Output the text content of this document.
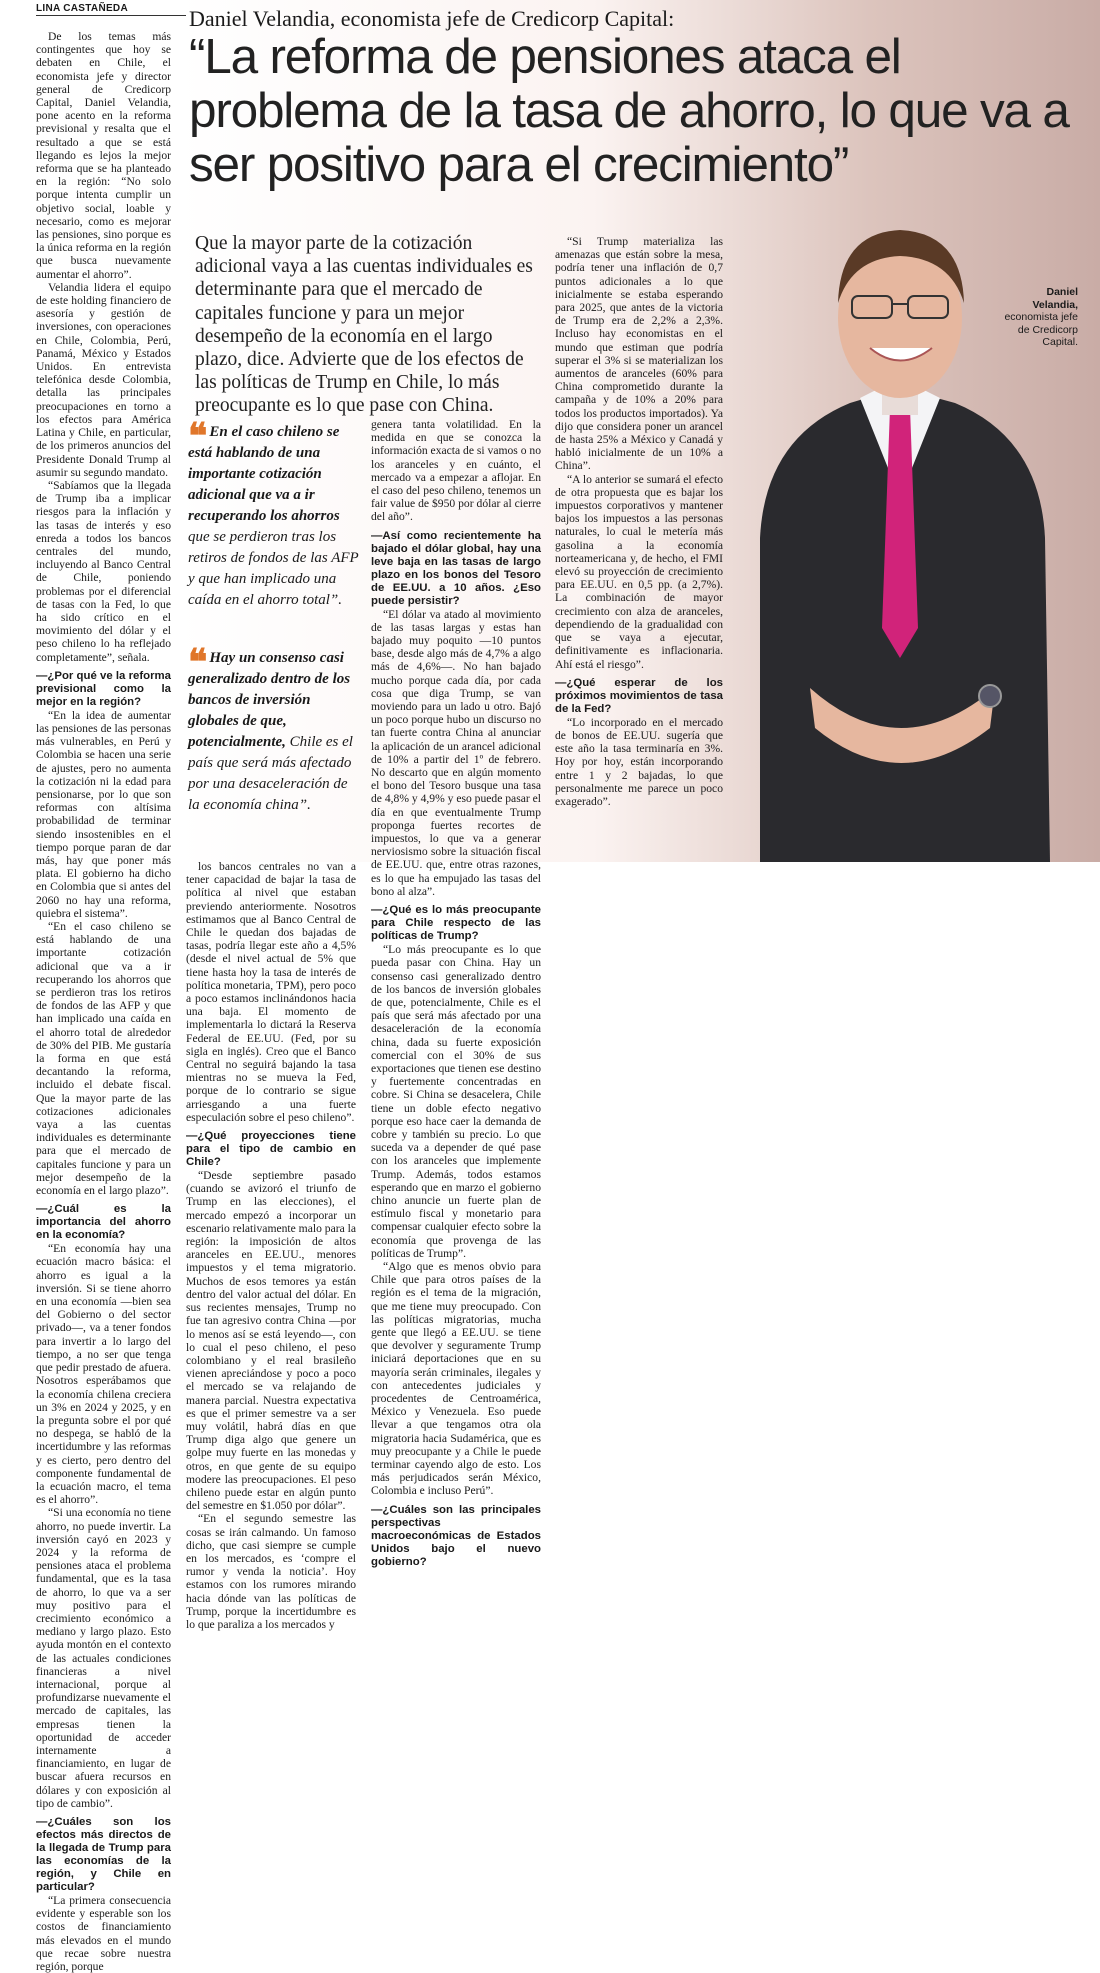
LINA CASTAÑEDA	Daniel Velandia, economista jefe de Credicorp Capital:
“La reforma de pensiones ataca el problema de la tasa de ahorro, lo que va a ser positivo para el crecimiento”
Que la mayor parte de la cotización adicional vaya a las cuentas individuales es determinante para que el mercado de capitales funcione y para un mejor desempeño de la economía en el largo plazo, dice. Advierte que de los efectos de las políticas de Trump en Chile, lo más preocupante es lo que pase con China.
Daniel Velandia,
economista jefe de Credicorp Capital.
❝ En el caso chileno se está hablando de una importante cotización adicional que va a ir recuperando los ahorros que se perdieron tras los retiros de fondos de las AFP y que han implicado una caída en el ahorro total”.
❝ Hay un consenso casi generalizado dentro de los bancos de inversión globales de que, potencialmente, Chile es el país que será más afectado por una desaceleración de la economía china”.

De los temas más contingentes que hoy se debaten en Chile, el economista jefe y director general de Credicorp Capital, Daniel Velandia, pone acento en la reforma previsional y resalta que el resultado a que se está llegando es lejos la mejor reforma que se ha planteado en la región: “No solo porque intenta cumplir un objetivo social, loable y necesario, como es mejorar las pensiones, sino porque es la única reforma en la región que busca nuevamente aumentar el ahorro”.

Velandia lidera el equipo de este holding financiero de asesoría y gestión de inversiones, con operaciones en Chile, Colombia, Perú, Panamá, México y Estados Unidos. En entrevista telefónica desde Colombia, detalla las principales preocupaciones en torno a los efectos para América Latina y Chile, en particular, de los primeros anuncios del Presidente Donald Trump al asumir su segundo mandato.

“Sabíamos que la llegada de Trump iba a implicar riesgos para la inflación y las tasas de interés y eso enreda a todos los bancos centrales del mundo, incluyendo al Banco Central de Chile, poniendo problemas por el diferencial de tasas con la Fed, lo que ha sido crítico en el movimiento del dólar y el peso chileno lo ha reflejado completamente”, señala.

—¿Por qué ve la reforma previsional como la mejor en la región?

“En la idea de aumentar las pensiones de las personas más vulnerables, en Perú y Colombia se hacen una serie de ajustes, pero no aumenta la cotización ni la edad para pensionarse, por lo que son reformas con altísima probabilidad de terminar siendo insostenibles en el tiempo porque paran de dar más, hay que poner más plata. El gobierno ha dicho en Colombia que si antes del 2060 no hay una reforma, quiebra el sistema”.

“En el caso chileno se está hablando de una importante cotización adicional que va a ir recuperando los ahorros que se perdieron tras los retiros de fondos de las AFP y que han implicado una caída en el ahorro total de alrededor de 30% del PIB. Me gustaría la forma en que está decantando la reforma, incluido el debate fiscal. Que la mayor parte de las cotizaciones adicionales vaya a las cuentas individuales es determinante para que el mercado de capitales funcione y para un mejor desempeño de la economía en el largo plazo”.

—¿Cuál es la importancia del ahorro en la economía?

“En economía hay una ecuación macro básica: el ahorro es igual a la inversión. Si se tiene ahorro en una economía —bien sea del Gobierno o del sector privado—, va a tener fondos para invertir a lo largo del tiempo, a no ser que tenga que pedir prestado de afuera. Nosotros esperábamos que la economía chilena creciera un 3% en 2024 y 2025, y en la pregunta sobre el por qué no despega, se habló de la incertidumbre y las reformas y es cierto, pero dentro del componente fundamental de la ecuación macro, el tema es el ahorro”.

“Si una economía no tiene ahorro, no puede invertir. La inversión cayó en 2023 y 2024 y la reforma de pensiones ataca el problema fundamental, que es la tasa de ahorro, lo que va a ser muy positivo para el crecimiento económico a mediano y largo plazo. Esto ayuda montón en el contexto de las actuales condiciones financieras a nivel internacional, porque al profundizarse nuevamente el mercado de capitales, las empresas tienen la oportunidad de acceder internamente a financiamiento, en lugar de buscar afuera recursos en dólares y con exposición al tipo de cambio”.

—¿Cuáles son los efectos más directos de la llegada de Trump para las economías de la región, y Chile en particular?

“La primera consecuencia evidente y esperable son los costos de financiamiento más elevados en el mundo que recae sobre nuestra región, porque

los bancos centrales no van a tener capacidad de bajar la tasa de política al nivel que estaban previendo anteriormente. Nosotros estimamos que al Banco Central de Chile le quedan dos bajadas de tasas, podría llegar este año a 4,5% (desde el nivel actual de 5% que tiene hasta hoy la tasa de interés de política monetaria, TPM), pero poco a poco estamos inclinándonos hacia una baja. El momento de implementarla lo dictará la Reserva Federal de EE.UU. (Fed, por su sigla en inglés). Creo que el Banco Central no seguirá bajando la tasa mientras no se mueva la Fed, porque de lo contrario se sigue arriesgando a una fuerte especulación sobre el peso chileno”.

—¿Qué proyecciones tiene para el tipo de cambio en Chile?

“Desde septiembre pasado (cuando se avizoró el triunfo de Trump en las elecciones), el mercado empezó a incorporar un escenario relativamente malo para la región: la imposición de altos aranceles en EE.UU., menores impuestos y el tema migratorio. Muchos de esos temores ya están dentro del valor actual del dólar. En sus recientes mensajes, Trump no fue tan agresivo contra China —por lo menos así se está leyendo—, con lo cual el peso chileno, el peso colombiano y el real brasileño vienen apreciándose y poco a poco el mercado se va relajando de manera parcial. Nuestra expectativa es que el primer semestre va a ser muy volátil, habrá días en que Trump diga algo que genere un golpe muy fuerte en las monedas y otros, en que gente de su equipo modere las preocupaciones. El peso chileno puede estar en algún punto del semestre en $1.050 por dólar”.

“En el segundo semestre las cosas se irán calmando. Un famoso dicho, que casi siempre se cumple en los mercados, es ‘compre el rumor y venda la noticia’. Hoy estamos con los rumores mirando hacia dónde van las políticas de Trump, porque la incertidumbre es lo que paraliza a los mercados y

genera tanta volatilidad. En la medida en que se conozca la información exacta de si vamos o no los aranceles y en cuánto, el mercado va a empezar a aflojar. En el caso del peso chileno, tenemos un fair value de $950 por dólar al cierre del año”.

—Así como recientemente ha bajado el dólar global, hay una leve baja en las tasas de largo plazo en los bonos del Tesoro de EE.UU. a 10 años. ¿Eso puede persistir?

“El dólar va atado al movimiento de las tasas largas y estas han bajado muy poquito —10 puntos base, desde algo más de 4,7% a algo más de 4,6%—. No han bajado mucho porque cada día, por cada cosa que diga Trump, se van moviendo para un lado u otro. Bajó un poco porque hubo un discurso no tan fuerte contra China al anunciar la aplicación de un arancel adicional de 10% a partir del 1º de febrero. No descarto que en algún momento el bono del Tesoro busque una tasa de 4,8% y 4,9% y eso puede pasar el día en que eventualmente Trump proponga fuertes recortes de impuestos, lo que va a generar nerviosismo sobre la situación fiscal de EE.UU. que, entre otras razones, es lo que ha empujado las tasas del bono al alza”.

—¿Qué es lo más preocupante para Chile respecto de las políticas de Trump?

“Lo más preocupante es lo que pueda pasar con China. Hay un consenso casi generalizado dentro de los bancos de inversión globales de que, potencialmente, Chile es el país que será más afectado por una desaceleración de la economía china, dada su fuerte exposición comercial con el 30% de sus exportaciones que tienen ese destino y fuertemente concentradas en cobre. Si China se desacelera, Chile tiene un doble efecto negativo porque eso hace caer la demanda de cobre y también su precio. Lo que suceda va a depender de qué pase con los aranceles que implemente Trump. Además, todos estamos esperando que en marzo el gobierno chino anuncie un fuerte plan de estímulo fiscal y monetario para compensar cualquier efecto sobre la economía que provenga de las políticas de Trump”.

“Algo que es menos obvio para Chile que para otros países de la región es el tema de la migración, que me tiene muy preocupado. Con las políticas migratorias, mucha gente que llegó a EE.UU. se tiene que devolver y seguramente Trump iniciará deportaciones que en su mayoría serán criminales, ilegales y con antecedentes judiciales y procedentes de Centroamérica, México y Venezuela. Eso puede llevar a que tengamos otra ola migratoria hacia Sudamérica, que es muy preocupante y a Chile le puede terminar cayendo algo de esto. Los más perjudicados serán México, Colombia e incluso Perú”.

—¿Cuáles son las principales perspectivas macroeconómicas de Estados Unidos bajo el nuevo gobierno?

“Si Trump materializa las amenazas que están sobre la mesa, podría tener una inflación de 0,7 puntos adicionales a lo que inicialmente se estaba esperando para 2025, que antes de la victoria de Trump era de 2,2% a 2,3%. Incluso hay economistas en el mundo que estiman que podría superar el 3% si se materializan los aumentos de aranceles (60% para China comprometido durante la campaña y de 10% a 20% para todos los productos importados). Ya dijo que considera poner un arancel de hasta 25% a México y Canadá y habló inicialmente de un 10% a China”.

“A lo anterior se sumará el efecto de otra propuesta que es bajar los impuestos corporativos y mantener bajos los impuestos a las personas naturales, lo cual le metería más gasolina a la economía norteamericana y, de hecho, el FMI elevó su proyección de crecimiento para EE.UU. en 0,5 pp. (a 2,7%). La combinación de mayor crecimiento con alza de aranceles, dependiendo de la gradualidad con que se vaya a ejecutar, definitivamente es inflacionaria. Ahí está el riesgo”.

—¿Qué esperar de los próximos movimientos de tasa de la Fed?

“Lo incorporado en el mercado de bonos de EE.UU. sugería que este año la tasa terminaría en 3%. Hoy por hoy, están incorporando entre 1 y 2 bajadas, lo que personalmente me parece un poco exagerado”.
